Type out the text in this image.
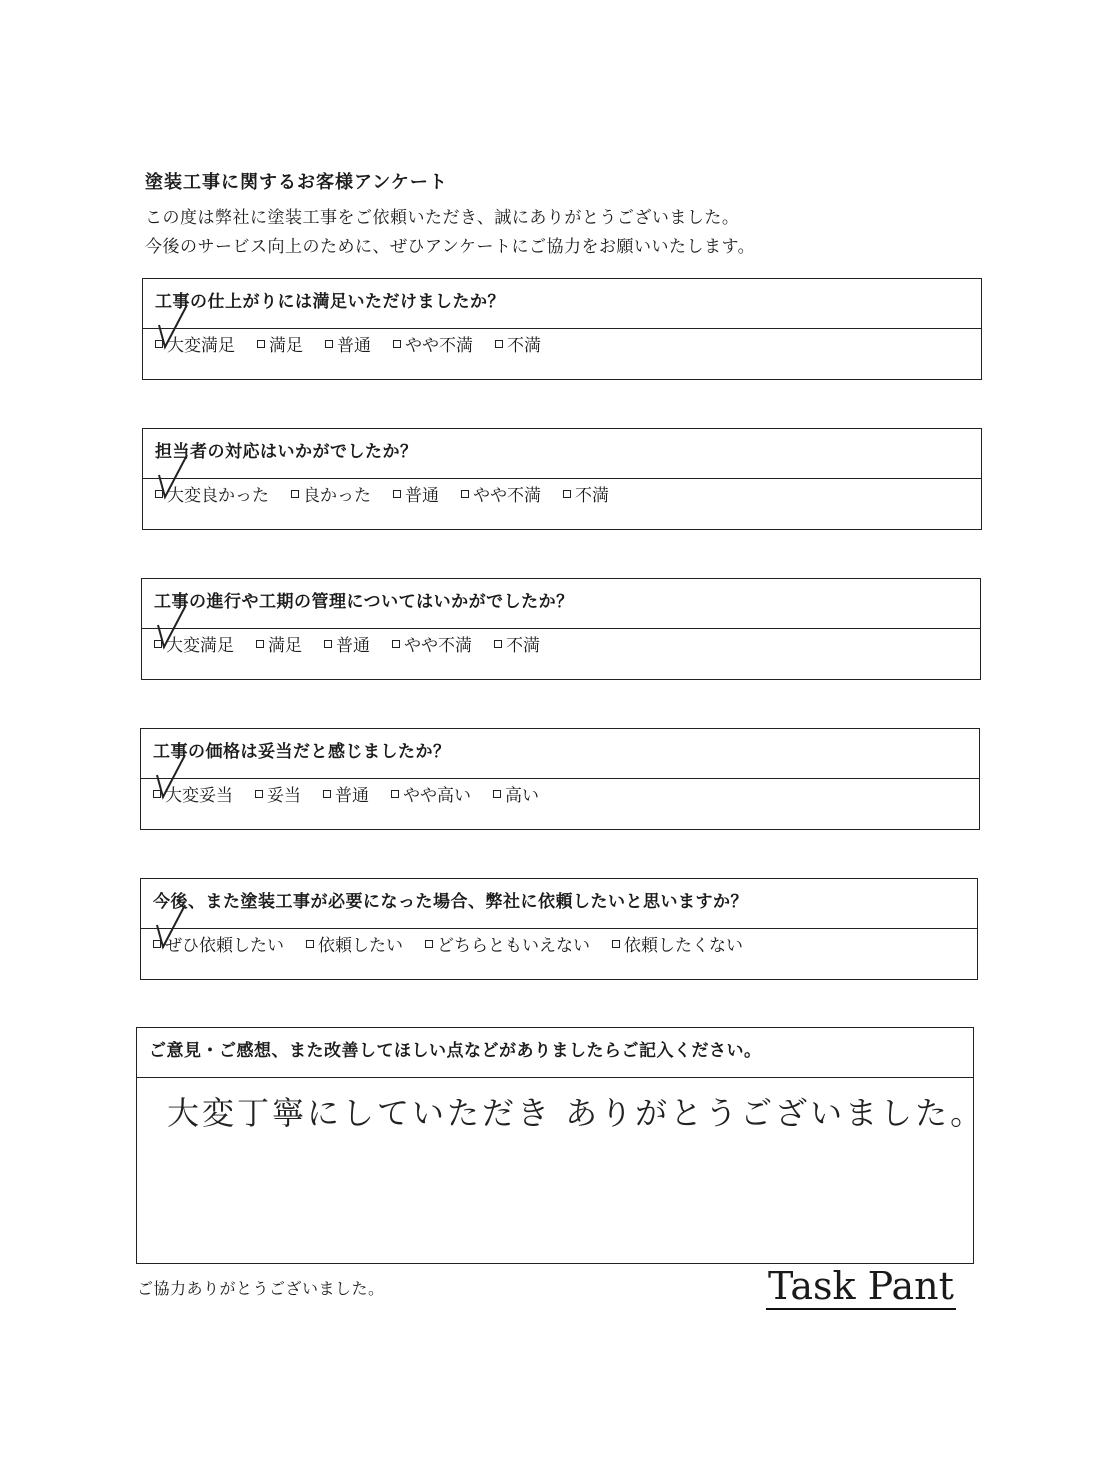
塗装工事に関するお客様アンケート
この度は弊社に塗装工事をご依頼いただき、誠にありがとうございました。
今後のサービス向上のために、ぜひアンケートにご協力をお願いいたします。
工事の仕上がりには満足いただけましたか？
大変満足 満足 普通 やや不満 不満
担当者の対応はいかがでしたか？
大変良かった 良かった 普通 やや不満 不満
工事の進行や工期の管理についてはいかがでしたか？
大変満足 満足 普通 やや不満 不満
工事の価格は妥当だと感じましたか？
大変妥当 妥当 普通 やや高い 高い
今後、また塗装工事が必要になった場合、弊社に依頼したいと思いますか？
ぜひ依頼したい 依頼したい どちらともいえない 依頼したくない
ご意見・ご感想、また改善してほしい点などがありましたらご記入ください。
大変丁寧にしていただき ありがとうございました。
ご協力ありがとうございました。	Task Pant
